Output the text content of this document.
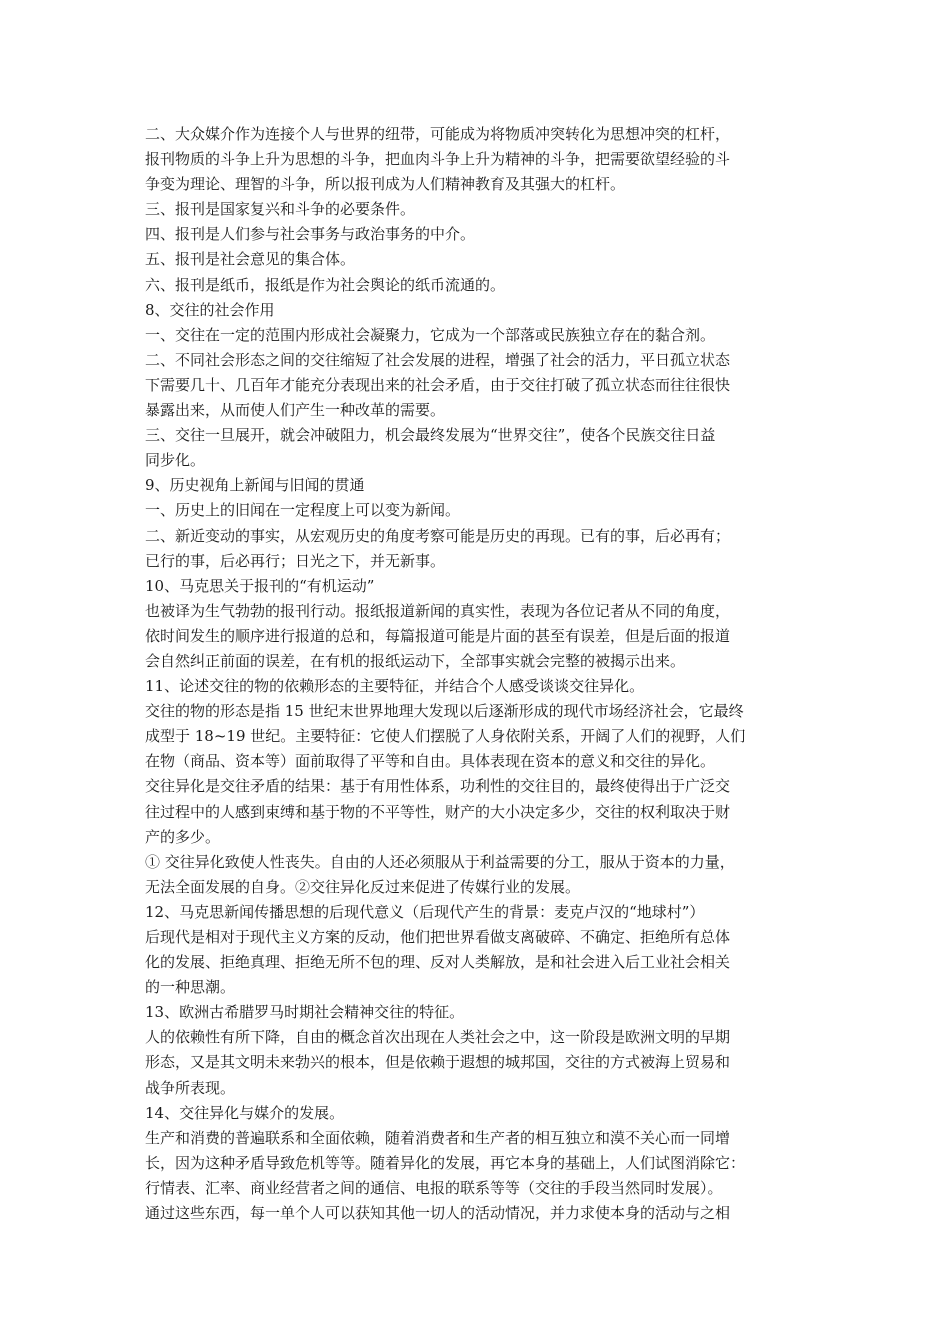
二、大众媒介作为连接个人与世界的纽带，可能成为将物质冲突转化为思想冲突的杠杆，

报刊物质的斗争上升为思想的斗争，把血肉斗争上升为精神的斗争，把需要欲望经验的斗

争变为理论、理智的斗争，所以报刊成为人们精神教育及其强大的杠杆。

三、报刊是国家复兴和斗争的必要条件。

四、报刊是人们参与社会事务与政治事务的中介。

五、报刊是社会意见的集合体。

六、报刊是纸币，报纸是作为社会舆论的纸币流通的。

8、交往的社会作用

一、交往在一定的范围内形成社会凝聚力，它成为一个部落或民族独立存在的黏合剂。

二、不同社会形态之间的交往缩短了社会发展的进程，增强了社会的活力，平日孤立状态

下需要几十、几百年才能充分表现出来的社会矛盾，由于交往打破了孤立状态而往往很快

暴露出来，从而使人们产生一种改革的需要。

三、交往一旦展开，就会冲破阻力，机会最终发展为“世界交往”，使各个民族交往日益

同步化。

9、历史视角上新闻与旧闻的贯通

一、历史上的旧闻在一定程度上可以变为新闻。

二、新近变动的事实，从宏观历史的角度考察可能是历史的再现。已有的事，后必再有；

已行的事，后必再行；日光之下，并无新事。

10、马克思关于报刊的“有机运动”

也被译为生气勃勃的报刊行动。报纸报道新闻的真实性，表现为各位记者从不同的角度，

依时间发生的顺序进行报道的总和，每篇报道可能是片面的甚至有误差，但是后面的报道

会自然纠正前面的误差，在有机的报纸运动下，全部事实就会完整的被揭示出来。

11、论述交往的物的依赖形态的主要特征，并结合个人感受谈谈交往异化。

交往的物的形态是指 15 世纪末世界地理大发现以后逐渐形成的现代市场经济社会，它最终

成型于 18~19 世纪。主要特征：它使人们摆脱了人身依附关系，开阔了人们的视野，人们

在物（商品、资本等）面前取得了平等和自由。具体表现在资本的意义和交往的异化。

交往异化是交往矛盾的结果：基于有用性体系，功利性的交往目的，最终使得出于广泛交

往过程中的人感到束缚和基于物的不平等性，财产的大小决定多少，交往的权利取决于财

产的多少。

① 交往异化致使人性丧失。自由的人还必须服从于利益需要的分工，服从于资本的力量，

无法全面发展的自身。②交往异化反过来促进了传媒行业的发展。

12、马克思新闻传播思想的后现代意义（后现代产生的背景：麦克卢汉的“地球村”）

后现代是相对于现代主义方案的反动，他们把世界看做支离破碎、不确定、拒绝所有总体

化的发展、拒绝真理、拒绝无所不包的理、反对人类解放，是和社会进入后工业社会相关

的一种思潮。

13、欧洲古希腊罗马时期社会精神交往的特征。

人的依赖性有所下降，自由的概念首次出现在人类社会之中，这一阶段是欧洲文明的早期

形态，又是其文明未来勃兴的根本，但是依赖于遐想的城邦国，交往的方式被海上贸易和

战争所表现。

14、交往异化与媒介的发展。

生产和消费的普遍联系和全面依赖，随着消费者和生产者的相互独立和漠不关心而一同增

长，因为这种矛盾导致危机等等。随着异化的发展，再它本身的基础上，人们试图消除它：

行情表、汇率、商业经营者之间的通信、电报的联系等等（交往的手段当然同时发展）。

通过这些东西，每一单个人可以获知其他一切人的活动情况，并力求使本身的活动与之相
